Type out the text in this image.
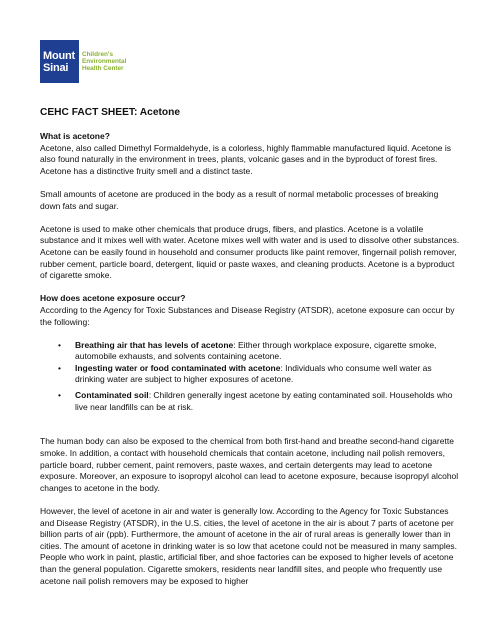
Mount
Sinai
Children's
Environmental
Health Center
CEHC FACT SHEET: Acetone

What is acetone?

Acetone, also called Dimethyl Formaldehyde, is a colorless, highly flammable manufactured liquid. Acetone is also found naturally in the environment in trees, plants, volcanic gases and in the byproduct of forest fires. Acetone has a distinctive fruity smell and a distinct taste.

Small amounts of acetone are produced in the body as a result of normal metabolic processes of breaking down fats and sugar.

Acetone is used to make other chemicals that produce drugs, fibers, and plastics. Acetone is a volatile substance and it mixes well with water. Acetone mixes well with water and is used to dissolve other substances. Acetone can be easily found in household and consumer products like paint remover, fingernail polish remover, rubber cement, particle board, detergent, liquid or paste waxes, and cleaning products. Acetone is a byproduct of cigarette smoke.

How does acetone exposure occur?

According to the Agency for Toxic Substances and Disease Registry (ATSDR), acetone exposure can occur by the following:

• Breathing air that has levels of acetone: Either through workplace exposure, cigarette smoke, automobile exhausts, and solvents containing acetone.
• Ingesting water or food contaminated with acetone: Individuals who consume well water as drinking water are subject to higher exposures of acetone.
• Contaminated soil: Children generally ingest acetone by eating contaminated soil. Households who live near landfills can be at risk.

The human body can also be exposed to the chemical from both first-hand and breathe second-hand cigarette smoke. In addition, a contact with household chemicals that contain acetone, including nail polish removers, particle board, rubber cement, paint removers, paste waxes, and certain detergents may lead to acetone exposure. Moreover, an exposure to isopropyl alcohol can lead to acetone exposure, because isopropyl alcohol changes to acetone in the body.

However, the level of acetone in air and water is generally low. According to the Agency for Toxic Substances and Disease Registry (ATSDR), in the U.S. cities, the level of acetone in the air is about 7 parts of acetone per billion parts of air (ppb). Furthermore, the amount of acetone in the air of rural areas is generally lower than in cities. The amount of acetone in drinking water is so low that acetone could not be measured in many samples. People who work in paint, plastic, artificial fiber, and shoe factories can be exposed to higher levels of acetone than the general population. Cigarette smokers, residents near landfill sites, and people who frequently use acetone nail polish removers may be exposed to higher
